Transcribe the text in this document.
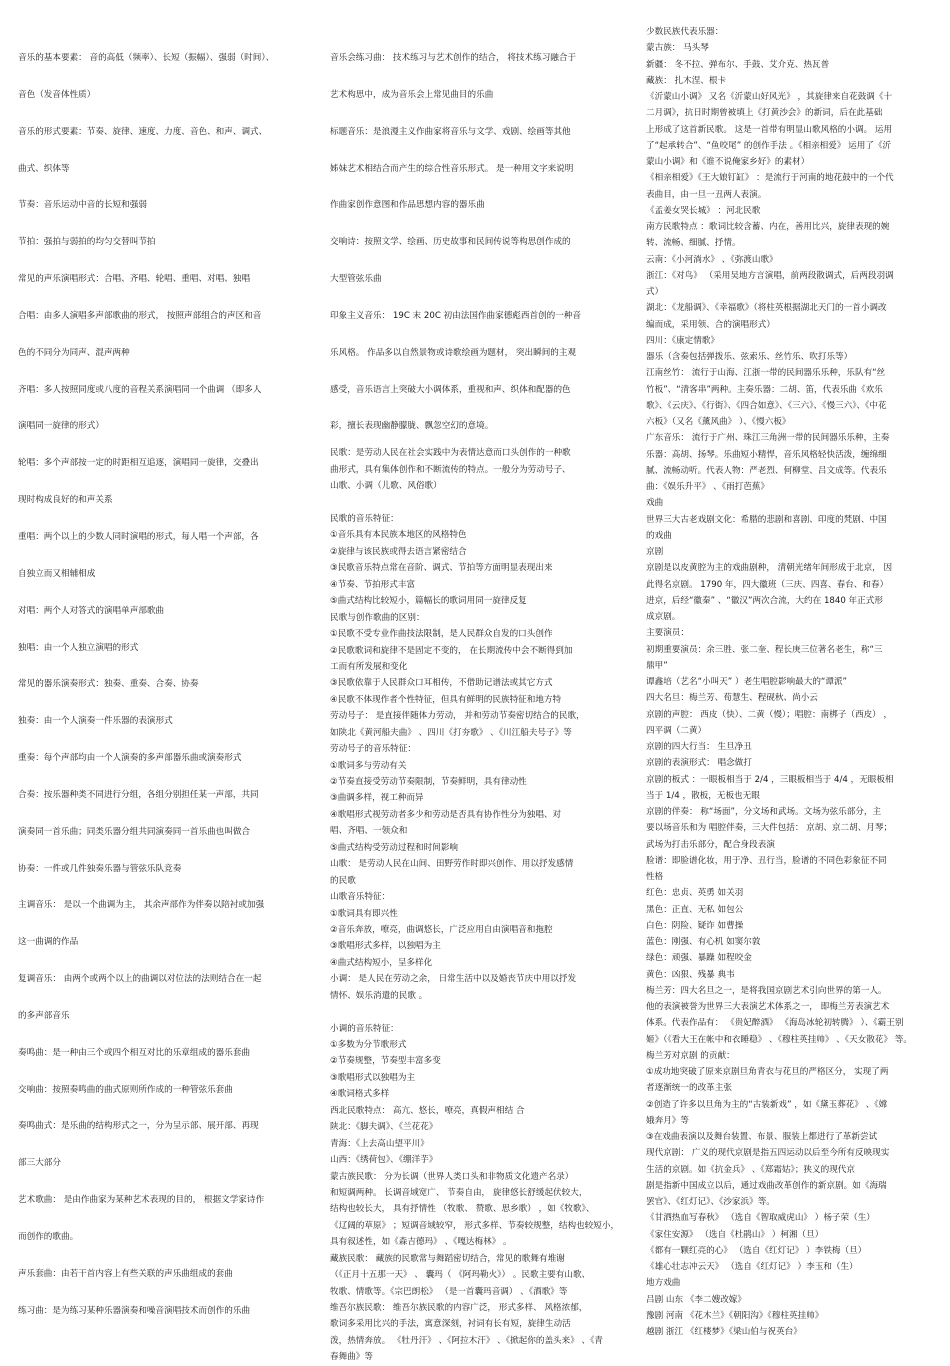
音乐的基本要素： 音的高低（频率）、长短（振幅）、强弱（时间）、
音色（发音体性质）
音乐的形式要素：节奏、旋律、速度、力度、音色、和声、调式、
曲式、织体等
节奏：音乐运动中音的长短和强弱
节拍：强拍与弱拍的均匀交替叫节拍
常见的声乐演唱形式：合唱、齐唱、轮唱、重唱、对唱、独唱
合唱：由多人演唱多声部歌曲的形式， 按照声部组合的声区和音
色的不同分为同声、混声两种
齐唱：多人按照同度或八度的音程关系演唱同一个曲调 （即多人
演唱同一旋律的形式）
轮唱：多个声部按一定的时距相互追逐，演唱同一旋律，交叠出
现时构成良好的和声关系
重唱：两个以上的少数人同时演唱的形式，每人唱一个声部，各
自独立而又相辅相成
对唱：两个人对答式的演唱单声部歌曲
独唱：由一个人独立演唱的形式
常见的器乐演奏形式：独奏、重奏、合奏、协奏
独奏：由一个人演奏一件乐器的表演形式
重奏：每个声部均由一个人演奏的多声部器乐曲或演奏形式
合奏：按乐器种类不同进行分组，各组分别担任某一声部，共同
演奏同一首乐曲；同类乐器分组共同演奏同一首乐曲也叫做合
协奏：一件或几件独奏乐器与管弦乐队竞奏
主调音乐： 是以一个曲调为主， 其余声部作为伴奏以陪衬或加强
这一曲调的作品
复调音乐： 由两个或两个以上的曲调以对位法的法则结合在一起
的多声部音乐
奏鸣曲：是一种由三个或四个相互对比的乐章组成的器乐套曲
交响曲：按照奏鸣曲的曲式原则所作成的一种管弦乐套曲
奏鸣曲式：是乐曲的结构形式之一，分为呈示部、展开部、再现
部三大部分
艺术歌曲： 是由作曲家为某种艺术表现的目的， 根据文学家诗作
而创作的歌曲。
声乐套曲：由若干首内容上有些关联的声乐曲组成的套曲
练习曲：是为练习某种乐器演奏和噪音演唱技术而创作的乐曲
音乐会练习曲： 技术练习与艺术创作的结合， 将技术练习融合于
艺术构思中，成为音乐会上常见曲目的乐曲
标题音乐：是浪漫主义作曲家将音乐与文学、戏剧、绘画等其他
姊妹艺术相结合而产生的综合性音乐形式。 是一种用文字来说明
作曲家创作意图和作品思想内容的器乐曲
交响诗：按照文学、绘画、历史故事和民间传说等构思创作成的
大型管弦乐曲
印象主义音乐： 19C 末 20C 初由法国作曲家德彪西首创的一种音
乐风格。 作品多以自然景物或诗歌绘画为题材， 突出瞬间的主观
感受，音乐语言上突破大小调体系，重视和声、织体和配器的色
彩，擅长表现幽静朦胧、飘忽空幻的意境。
民歌：是劳动人民在社会实践中为表情达意而口头创作的一种歌
曲形式，具有集体创作和不断流传的特点。一般分为劳动号子、
山歌、小调（儿歌、风俗歌）
民歌的音乐特征：
①音乐具有本民族本地区的风格特色
②旋律与该民族或得去语言紧密结合
③民歌音乐特点常在音阶、调式、节拍等方面明显表现出来
④节奏、节拍形式丰富
⑤曲式结构比较短小，篇幅长的歌词用同一旋律反复
民歌与创作歌曲的区别：
①民歌不受专业作曲技法限制，是人民群众自发的口头创作
②民歌歌词和旋律不是固定不变的， 在长期流传中会不断得到加
工而有所发展和变化
③民歌依靠于人民群众口耳相传，不借助记谱法或其它方式
④民歌不体现作者个性特征，但具有鲜明的民族特征和地方特
劳动号子： 是直接伴随体力劳动， 并和劳动节奏密切结合的民歌，
如陕北《黄河船夫曲》 、四川《打夯歌》 、《川江船夫号子》等
劳动号子的音乐特征：
①歌词多与劳动有关
②节奏直接受劳动节奏限制，节奏鲜明，具有律动性
③曲调多样，视工种而异
④歌唱形式视劳动者多少和劳动是否具有协作性分为独唱、对
唱、齐唱、一领众和
⑤曲式结构受劳动过程和时间影响
山歌： 是劳动人民在山间、田野劳作时即兴创作、用以抒发感情
的民歌
山歌音乐特征：
①歌词具有即兴性
②音乐奔放，嘹亮，曲调悠长，广泛应用自由演唱音和拖腔
③歌唱形式多样，以独唱为主
④曲式结构短小，呈多样化
小调： 是人民在劳动之余， 日常生活中以及婚丧节庆中用以抒发
情怀、娱乐消遣的民歌 。
小调的音乐特征：
①多数为分节歌形式
②节奏规整，节奏型丰富多变
③歌唱形式以独唱为主
④歌词格式多样
西北民歌特点： 高亢、悠长，嘹亮，真假声相结 合
陕北：《脚夫调》、《兰花花》
青海：《上去高山望平川》
山西：《绣荷包》、《绷洋芋》
蒙古族民歌： 分为长调（世界人类口头和非物质文化遗产名录）
和短调两种。 长调音域宽广、 节奏自由， 旋律悠长舒缓起伏较大，
结构也较长大， 具有抒情性 （牧歌、 赞歌、思乡歌） ，如《牧歌》、
《辽阔的草原》 ；短调音域较窄， 形式多样、节奏较规整，结构也较短小，
具有叙述性，如《森吉德玛》 、《嘎达梅林》 。
藏族民歌： 藏族的民歌常与舞蹈密切结合，常见的歌舞有堆谢
（《正月十五那一天》 、 囊玛（ 《阿玛勒火》） 。民歌主要有山歌、
牧歌、情歌等。《宗巴朗松》 （是一首囊玛音调） 、《酒歌》等
维吾尔族民歌： 维吾尔族民歌的内容广泛， 形式多样、 风格浓郁，
歌词多采用比兴的手法，寓意深刻，衬词有长有短，旋律生动活
泼，热情奔放。 《牡丹汗》 、《阿拉木汗》 、《掀起你的盖头来》 、《青
春舞曲》等
少数民族代表乐器：
蒙古族： 马头琴
新疆： 冬不拉、弹布尔、手鼓、艾介克、热瓦普
藏族： 扎木涅、根卡
《沂蒙山小调》 又名《沂蒙山好风光》 ，其旋律来自花鼓调《十
二月调》，抗日时期曾被填上《打黄沙会》的新词，后在此基础
上形成了这首新民歌。 这是一首带有明显山歌风格的小调。 运用
了“起承转合”、“鱼咬尾” 的创作手法 。《相亲相爱》 运用了《沂
蒙山小调》和《谁不说俺家乡好》的素材）
《相亲相爱》《王大娘钉缸》 ：是流行于河南的地花鼓中的一个代
表曲目，由一旦一丑两人表演。
《孟姜女哭长城》 ：河北民歌
南方民歌特点 ：歌词比较含蓄、内在，善用比兴，旋律表现的婉
转、流畅、细腻、抒情。
云南：《小河淌水》 、《弥渡山歌》
浙江：《对鸟》 （采用吴地方言演唱，前两段散调式，后两段羽调
式）
湖北：《龙船调》、《幸福歌》（将柱英根据湖北天门的一首小调改
编而成，采用领、合的演唱形式）
四川：《康定情歌》
器乐（含奏包括弹拨乐、弦索乐、丝竹乐、吹打乐等）
江南丝竹： 流行于山海、江浙一带的民间器乐乐种，乐队有“丝
竹板”、“清客串”两种。主奏乐器：二胡、笛，代表乐曲《欢乐
歌》、《云庆》、《行街》、《四合如意》、《三六》、《慢三六》、《中花
六板》（又名《薰风曲》 ）、《慢六板》
广东音乐： 流行于广州、珠江三角洲一带的民间器乐乐种，主奏
乐器：高胡、扬琴。乐曲短小精悍，音乐风格轻快活泼，缠绵细
腻、流畅动听。代表人物：严老烈、何柳堂、吕文成等。代表乐
曲：《娱乐升平》 、《雨打芭蕉》
戏曲
世界三大古老戏剧文化：希腊的悲剧和喜剧、印度的梵剧、中国
的戏曲
京剧
京剧是以皮黄腔为主的戏曲剧种， 清朝光绪年间形成于北京， 因
此得名京剧。 1790 年，四大徽班（三庆、四喜、春台、和春）
进京，后经“徽秦” 、“徽汉”两次合流，大约在 1840 年正式形
成京剧。
主要演员：
初期重要演员：余三胜、张二奎、程长庚三位著名老生，称“三
鼎甲”
谭鑫培（艺名“小叫天” ）老生唱腔影响最大的“谭派”
四大名旦：梅兰芳、荀慧生、程砚秋、尚小云
京剧的声腔： 西皮（快）、二黄（慢）；唱腔：南梆子（西皮） ，
四平调（二黄）
京剧的四大行当： 生旦净丑
京剧的表演形式： 唱念做打
京剧的板式 ：一眼板相当于 2/4 ，三眼板相当于 4/4 ，无眼板相
当于 1/4 ，散板，无板也无眼
京剧的伴奏： 称“场面”，分文场和武场。文场为弦乐部分，主
要以场音乐和为 唱腔伴奏，三大件包括： 京胡、京二胡、月琴；
武场为打击乐部分，配合身段表演
脸谱：即脸谱化妆，用于净、丑行当，脸谱的不同色彩象征不同
性格
红色：忠贞、英勇 如关羽
黑色：正直、无私 如包公
白色：阴险、疑诈 如曹操
蓝色：刚强、有心机 如窦尔敦
绿色：顽强、暴躁 如程咬金
黄色：凶狠、残暴 典韦
梅兰芳：四大名旦之一，是将我国京剧艺术引向世界的第一人。
他的表演被誉为世界三大表演艺术体系之一， 即梅兰芳表演艺术
体系。代表作品有： 《贵妃醉酒》 《海岛冰轮初转腾》 ）、《霸王别
姬》（《看大王在帐中和衣睡稳》 、《穆柱英挂帅》 、《天女散花》 等。
梅兰芳对京剧 的贡献：
①成功地突破了原来京剧旦角青衣与花旦的严格区分， 实现了两
者逐渐统一的改革主张
②创造了许多以旦角为主的“古装新戏” ，如《黛玉葬花》 、《嫦
娥奔月》等
③在戏曲表演以及舞台装置、布景、服装上都进行了革新尝试
现代京剧： 广义的现代京剧是指五四运动以后至今所有反映现实
生活的京剧。如《抗金兵》 、《郑霜姑》；狭义的现代京
剧是指新中国成立以后，通过戏曲改革创作的新京剧。如《海瑞
罢官》、《红灯记》、《沙家浜》等。
《甘洒热血写春秋》 （选自《智取威虎山》 ）杨子荣（生）
《家住安源》 （选自《杜鹃山》 ）柯湘（旦）
《都有一颗红亮的心》 （选自《红灯记》 ）李铁梅（旦）
《雄心壮志冲云天》 （选自《红灯记》 ）李玉和（生）
地方戏曲
吕剧 山东 《李二嫂改嫁》
豫剧 河南 《花木兰》《朝阳沟》《穆柱英挂帅》
越剧 浙江 《红楼梦》《梁山伯与祝英台》
